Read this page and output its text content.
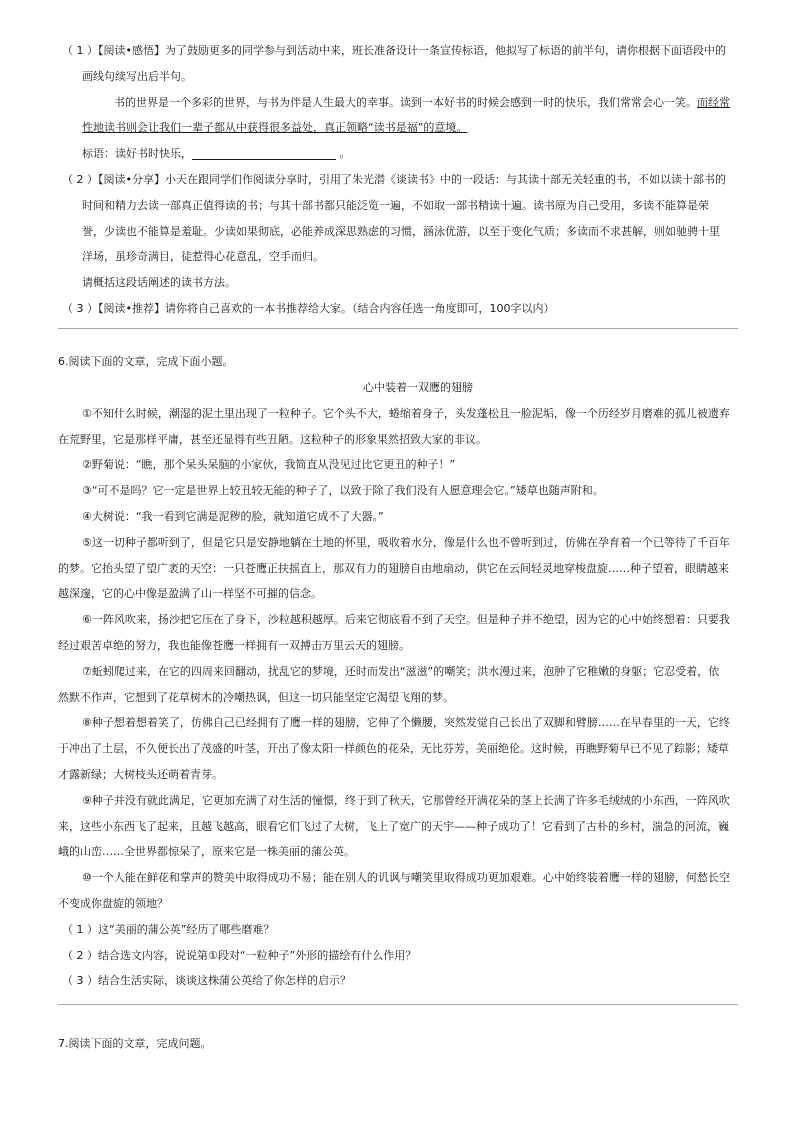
（ 1 ）【阅读•感悟】为了鼓励更多的同学参与到活动中来，班长准备设计一条宣传标语，他拟写了标语的前半句，请你根据下面语段中的
画线句续写出后半句。
书的世界是一个多彩的世界，与书为伴是人生最大的幸事。读到一本好书的时候会感到一时的快乐，我们常常会心一笑。而经常
性地读书则会让我们一辈子都从中获得很多益处，真正领略“读书是福”的意境。
标语：读好书时快乐，	。
（ 2 ）【阅读•分享】小天在跟同学们作阅读分享时，引用了朱光潜《谈读书》中的一段话：与其读十部无关轻重的书，不如以读十部书的
时间和精力去读一部真正值得读的书；与其十部书都只能泛览一遍，不如取一部书精读十遍。读书原为自己受用，多读不能算是荣
誉，少读也不能算是羞耻。少读如果彻底，必能养成深思熟虑的习惯，涵泳优游，以至于变化气质；多读而不求甚解，则如驰骋十里
洋场，虽珍奇满目，徒惹得心花意乱，空手而归。
请概括这段话阐述的读书方法。
（ 3 ）【阅读•推荐】请你将自己喜欢的一本书推荐给大家。（结合内容任选一角度即可，100字以内）
6.阅读下面的文章，完成下面小题。
心中装着一双鹰的翅膀
①不知什么时候，潮湿的泥土里出现了一粒种子。它个头不大，蜷缩着身子，头发蓬松且一脸泥垢，像一个历经岁月磨难的孤儿被遗弃
在荒野里，它是那样平庸，甚至还显得有些丑陋。这粒种子的形象果然招致大家的非议。
②野菊说：“瞧，那个呆头呆脑的小家伙，我简直从没见过比它更丑的种子！”
③“可不是吗？它一定是世界上较丑较无能的种子了，以致于除了我们没有人愿意理会它。”矮草也随声附和。
④大树说：“我一看到它满是泥秽的脸，就知道它成不了大器。”
⑤这一切种子都听到了，但是它只是安静地躺在土地的怀里，吸收着水分，像是什么也不曾听到过，仿佛在孕育着一个已等待了千百年
的梦。它抬头望了望广袤的天空：一只苍鹰正扶摇直上，那双有力的翅膀自由地扇动，供它在云间轻灵地穿梭盘旋……种子望着，眼睛越来
越深邃，它的心中像是盈满了山一样坚不可摧的信念。
⑥一阵风吹来，扬沙把它压在了身下，沙粒越积越厚。后来它彻底看不到了天空。但是种子并不绝望，因为它的心中始终想着：只要我
经过艰苦卓绝的努力，我也能像苍鹰一样拥有一双搏击万里云天的翅膀。
⑦蚯蚓爬过来，在它的四周来回翻动，扰乱它的梦境，还时而发出“滋滋”的嘲笑；洪水漫过来，泡肿了它稚嫩的身躯；它忍受着，依
然默不作声，它想到了花草树木的冷嘲热讽，但这一切只能坚定它渴望飞翔的梦。
⑧种子想着想着笑了，仿佛自己已经拥有了鹰一样的翅膀，它伸了个懒腰，突然发觉自己长出了双脚和臂膀……在早春里的一天，它终
于冲出了土层，不久便长出了茂盛的叶茎，开出了像太阳一样颜色的花朵，无比芬芳，美丽绝伦。这时候，再瞧野菊早已不见了踪影；矮草
才露新绿；大树枝头还萌着青芽。
⑨种子并没有就此满足，它更加充满了对生活的憧憬，终于到了秋天，它那曾经开满花朵的茎上长满了许多毛绒绒的小东西，一阵风吹
来，这些小东西飞了起来，且越飞越高，眼看它们飞过了大树，飞上了宽广的天宇——种子成功了！它看到了古朴的乡村，湍急的河流，巍
峨的山峦……全世界都惊呆了，原来它是一株美丽的蒲公英。
⑩一个人能在鲜花和掌声的赞美中取得成功不易；能在别人的讥讽与嘲笑里取得成功更加艰难。心中始终装着鹰一样的翅膀，何愁长空
不变成你盘旋的领地？
（ 1 ）这“美丽的蒲公英”经历了哪些磨难？
（ 2 ）结合选文内容，说说第①段对“一粒种子”外形的描绘有什么作用？
（ 3 ）结合生活实际，谈谈这株蒲公英给了你怎样的启示？
7.阅读下面的文章，完成问题。
